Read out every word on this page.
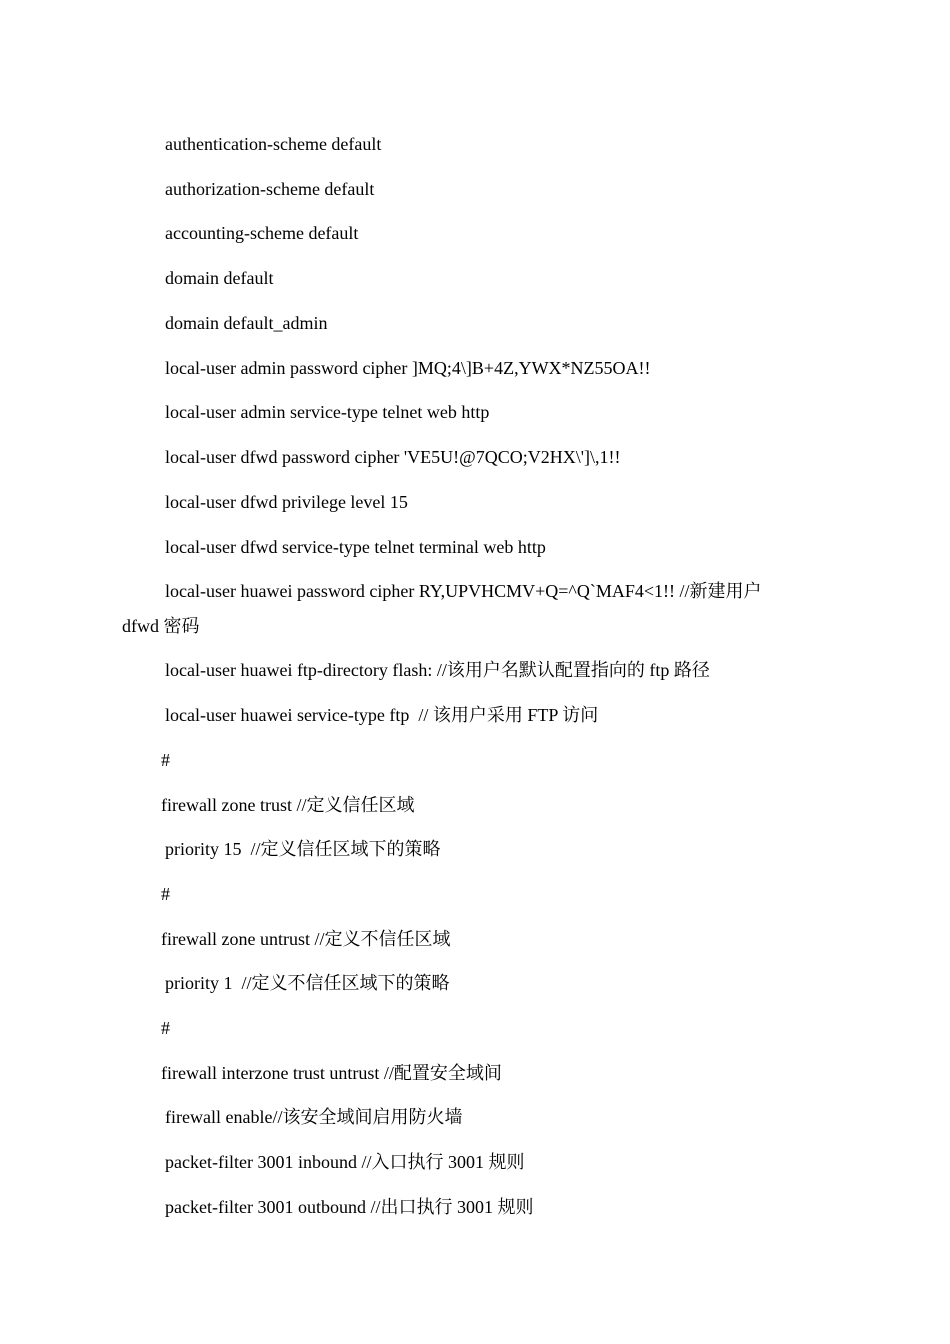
authentication-scheme default
authorization-scheme default
accounting-scheme default
domain default
domain default_admin
local-user admin password cipher ]MQ;4\]B+4Z,YWX*NZ55OA!!
local-user admin service-type telnet web http
local-user dfwd password cipher 'VE5U!@7QCO;V2HX\']\,1!!
local-user dfwd privilege level 15
local-user dfwd service-type telnet terminal web http
local-user huawei password cipher RY,UPVHCMV+Q=^Q`MAF4<1!! //新建用户
dfwd 密码
local-user huawei ftp-directory flash: //该用户名默认配置指向的 ftp 路径
local-user huawei service-type ftp  // 该用户采用 FTP 访问
#
firewall zone trust //定义信任区域
priority 15  //定义信任区域下的策略
#
firewall zone untrust //定义不信任区域
priority 1  //定义不信任区域下的策略
#
firewall interzone trust untrust //配置安全域间
firewall enable//该安全域间启用防火墙
packet-filter 3001 inbound //入口执行 3001 规则
packet-filter 3001 outbound //出口执行 3001 规则
